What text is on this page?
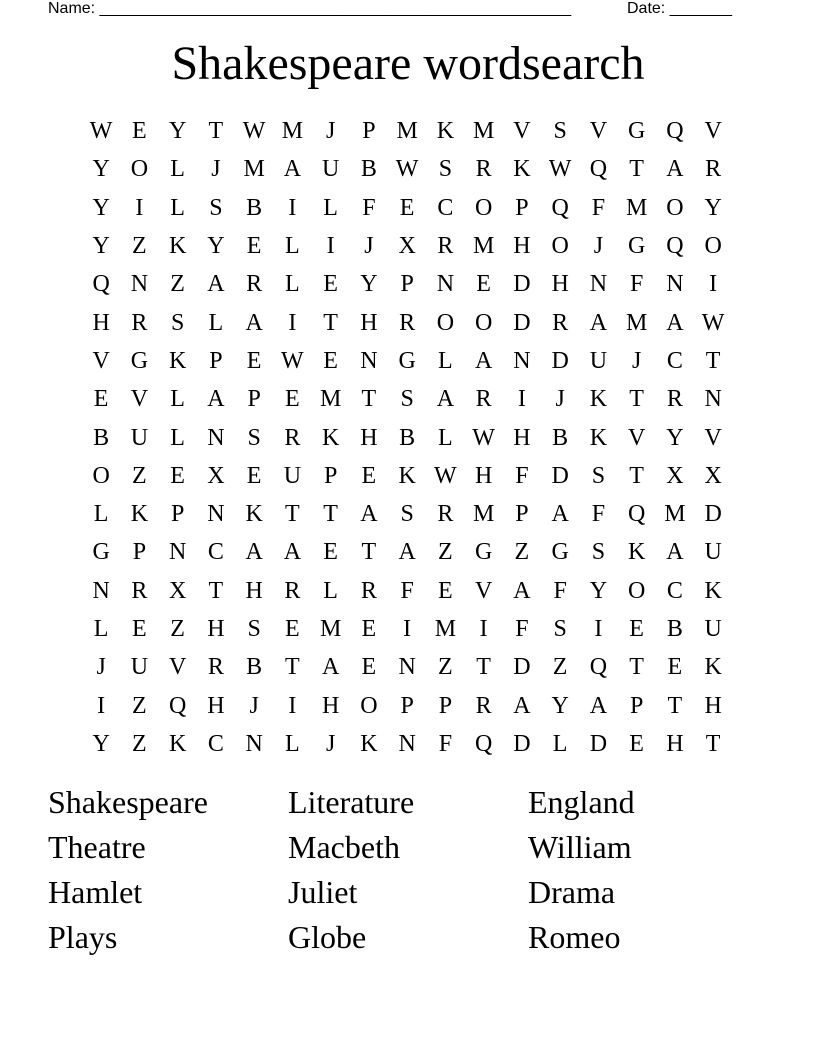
Name: _____________________________________________________	Date: _______
Shakespeare wordsearch
W E Y T W M J	P M K M V S V G Q V
Y O L	J M A U B W S R K W Q T A R
Y	I	L	S B	I	L	F	E C O P Q F M O Y
Y Z K Y E L	I	J	X R M H O	J	G Q O
Q N Z A R L E Y P N E D H N F N	I
H R S	L A	I	T H R O O D R A M A W
V G K P	E W E N G L A N D U	J	C T
E V L A P	E M T	S A R	I	J	K T R N
B U L N S R K H B L W H B K V Y V
O Z E X E U P	E K W H F D S	T X X
L K P N K T T A S R M P A F Q M D
G P N C A A E T A Z G Z G S K A U
N R X T H R L R F	E V A F Y O C K
L E Z H S	E M E	I M I	F	S	I	E B U
J	U V R B T A E N Z T D Z Q T E K
I	Z Q H	J	I	H O P	P R A Y A P	T H
Y Z K C N L	J	K N F Q D L D E H T
Shakespeare	Literature	England
Theatre	Macbeth	William
Hamlet	Juliet	Drama
Plays	Globe	Romeo
